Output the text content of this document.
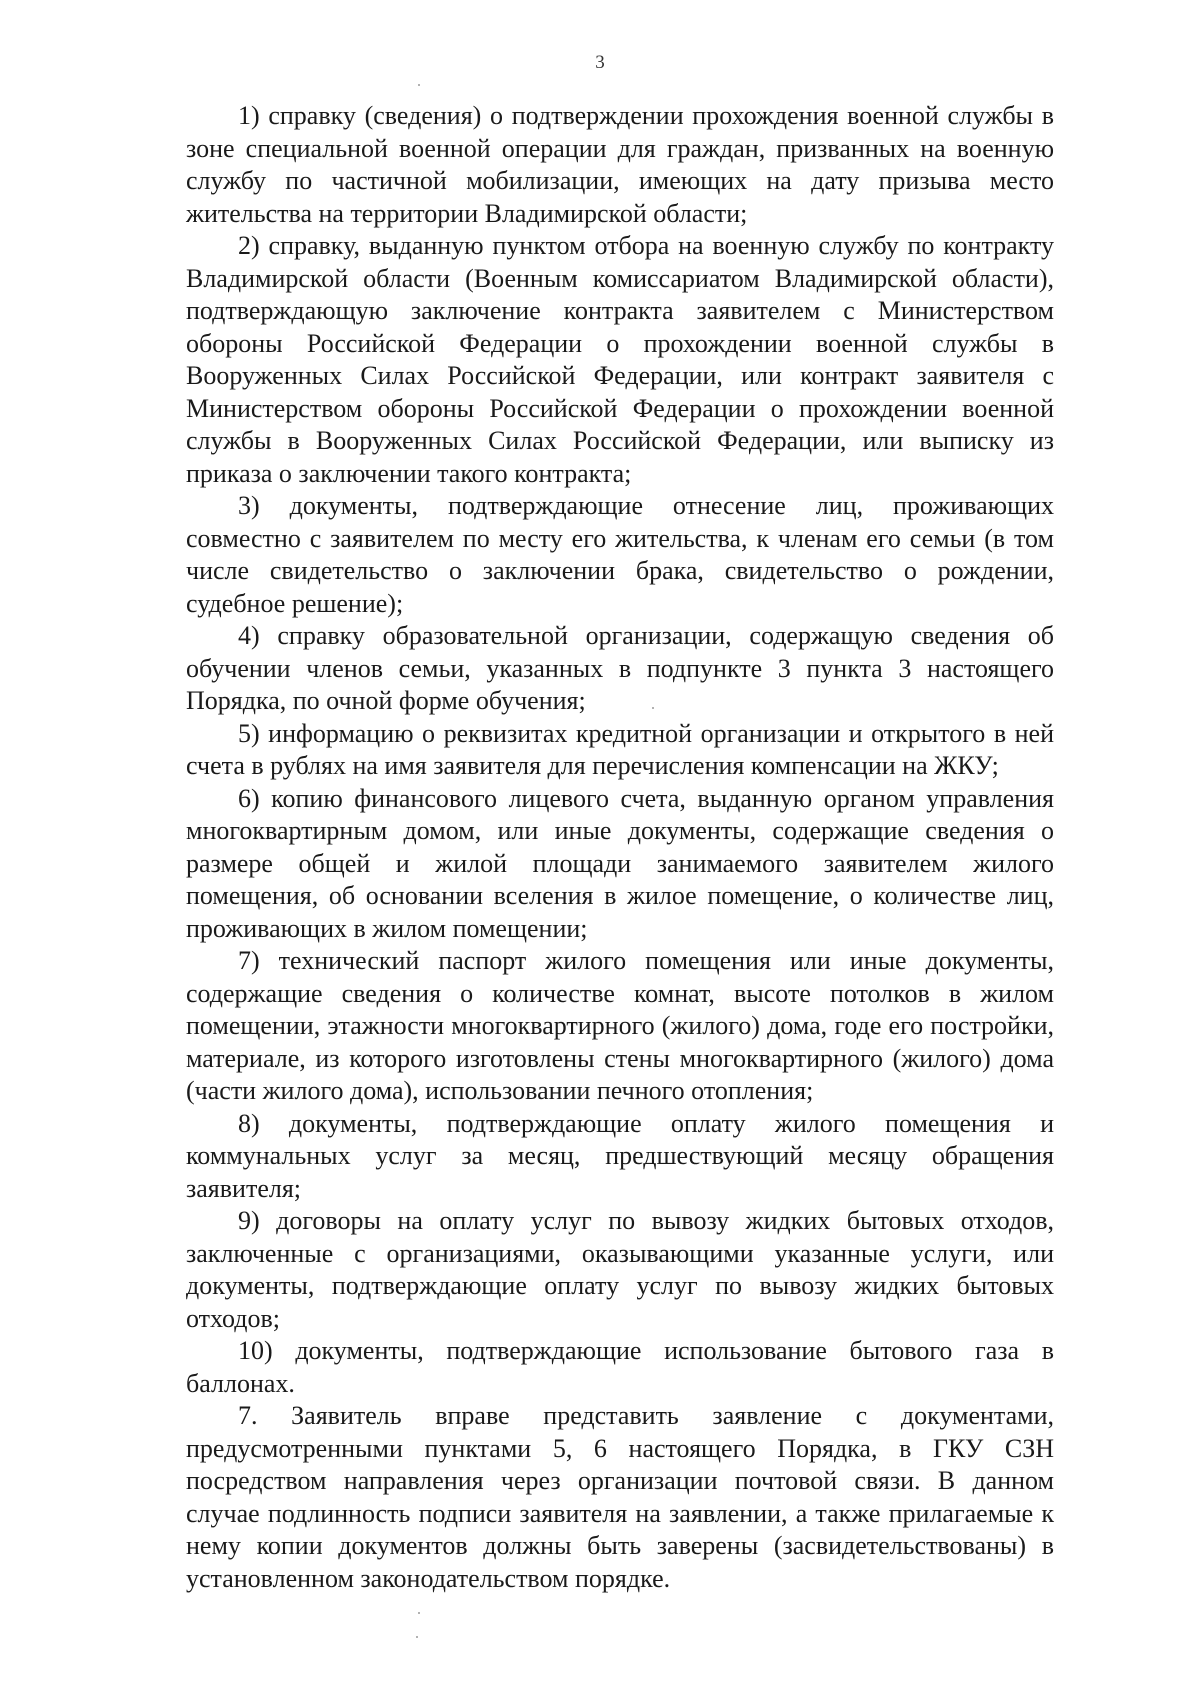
3

1) справку (сведения) о подтверждении прохождения военной службы в зоне специальной военной операции для граждан, призванных на военную службу по частичной мобилизации, имеющих на дату призыва место жительства на территории Владимирской области;

2) справку, выданную пунктом отбора на военную службу по контракту Владимирской области (Военным комиссариатом Владимирской области), подтверждающую заключение контракта заявителем с Министерством обороны Российской Федерации о прохождении военной службы в Вооруженных Силах Российской Федерации, или контракт заявителя с Министерством обороны Российской Федерации о прохождении военной службы в Вооруженных Силах Российской Федерации, или выписку из приказа о заключении такого контракта;

3) документы, подтверждающие отнесение лиц, проживающих совместно с заявителем по месту его жительства, к членам его семьи (в том числе свидетельство о заключении брака, свидетельство о рождении, судебное решение);

4) справку образовательной организации, содержащую сведения об обучении членов семьи, указанных в подпункте 3 пункта 3 настоящего Порядка, по очной форме обучения;

5) информацию о реквизитах кредитной организации и открытого в ней счета в рублях на имя заявителя для перечисления компенсации на ЖКУ;

6) копию финансового лицевого счета, выданную органом управления многоквартирным домом, или иные документы, содержащие сведения о размере общей и жилой площади занимаемого заявителем жилого помещения, об основании вселения в жилое помещение, о количестве лиц, проживающих в жилом помещении;

7) технический паспорт жилого помещения или иные документы, содержащие сведения о количестве комнат, высоте потолков в жилом помещении, этажности многоквартирного (жилого) дома, годе его постройки, материале, из которого изготовлены стены многоквартирного (жилого) дома (части жилого дома), использовании печного отопления;

8) документы, подтверждающие оплату жилого помещения и коммунальных услуг за месяц, предшествующий месяцу обращения заявителя;

9) договоры на оплату услуг по вывозу жидких бытовых отходов, заключенные с организациями, оказывающими указанные услуги, или документы, подтверждающие оплату услуг по вывозу жидких бытовых отходов;

10) документы, подтверждающие использование бытового газа в баллонах.

7. Заявитель вправе представить заявление с документами, предусмотренными пунктами 5, 6 настоящего Порядка, в ГКУ СЗН посредством направления через организации почтовой связи. В данном случае подлинность подписи заявителя на заявлении, а также прилагаемые к нему копии документов должны быть заверены (засвидетельствованы) в установленном законодательством порядке.
